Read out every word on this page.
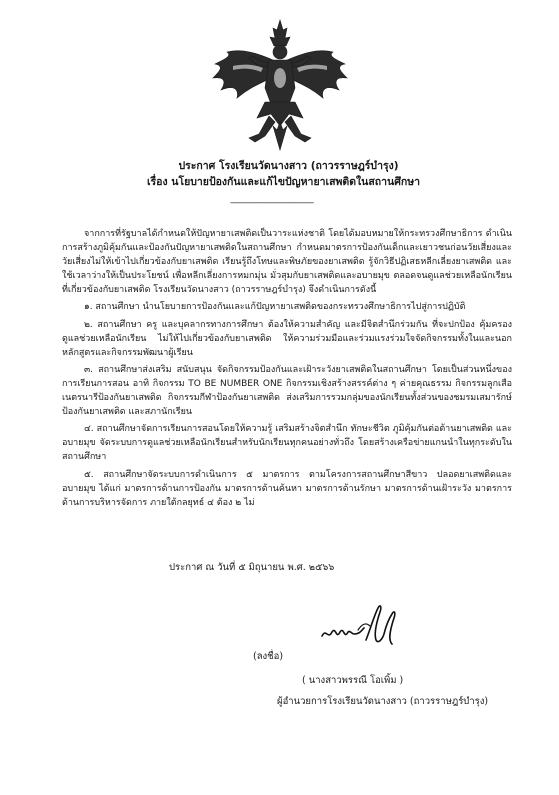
ประกาศ โรงเรียนวัดนางสาว (ถาวรราษฎร์บำรุง)
เรื่อง นโยบายป้องกันและแก้ไขปัญหายาเสพติดในสถานศึกษา
-------------------------------------

จากการที่รัฐบาลได้กำหนดให้ปัญหายาเสพติดเป็นวาระแห่งชาติ โดยได้มอบหมายให้กระทรวงศึกษาธิการ ดำเนินการสร้างภูมิคุ้มกันและป้องกันปัญหายาเสพติดในสถานศึกษา กำหนดมาตรการป้องกันเด็กและเยาวชนก่อนวัยเสี่ยงและวัยเสี่ยงไม่ให้เข้าไปเกี่ยวข้องกับยาเสพติด เรียนรู้ถึงโทษและพิษภัยของยาเสพติด รู้จักวิธีปฏิเสธหลีกเลี่ยงยาเสพติด และใช้เวลาว่างให้เป็นประโยชน์ เพื่อหลีกเลี่ยงการหมกมุ่น มั่วสุมกับยาเสพติดและอบายมุข ตลอดจนดูแลช่วยเหลือนักเรียนที่เกี่ยวข้องกับยาเสพติด โรงเรียนวัดนางสาว (ถาวรราษฎร์บำรุง) จึงดำเนินการดังนี้

๑. สถานศึกษา นำนโยบายการป้องกันและแก้ปัญหายาเสพติดของกระทรวงศึกษาธิการไปสู่การปฏิบัติ

๒. สถานศึกษา ครู และบุคลากรทางการศึกษา ต้องให้ความสำคัญ และมีจิตสำนึกร่วมกัน ที่จะปกป้อง คุ้มครอง ดูแลช่วยเหลือนักเรียน ไม่ให้ไปเกี่ยวข้องกับยาเสพติด ให้ความร่วมมือและร่วมแรงร่วมใจจัดกิจกรรมทั้งในและนอกหลักสูตรและกิจกรรมพัฒนาผู้เรียน

๓. สถานศึกษาส่งเสริม สนับสนุน จัดกิจกรรมป้องกันและเฝ้าระวังยาเสพติดในสถานศึกษา โดยเป็นส่วนหนึ่งของการเรียนการสอน อาทิ กิจกรรม TO BE NUMBER ONE กิจกรรมเชิงสร้างสรรค์ต่าง ๆ ค่ายคุณธรรม กิจกรรมลูกเสือเนตรนารีป้องกันยาเสพติด กิจกรรมกีฬาป้องกันยาเสพติด ส่งเสริมการรวมกลุ่มของนักเรียนทั้งส่วนของชมรมเสมารักษ์ป้องกันยาเสพติด และสภานักเรียน

๔. สถานศึกษาจัดการเรียนการสอนโดยให้ความรู้ เสริมสร้างจิตสำนึก ทักษะชีวิต ภูมิคุ้มกันต่อต้านยาเสพติด และอบายมุข จัดระบบการดูแลช่วยเหลือนักเรียนสำหรับนักเรียนทุกคนอย่างทั่วถึง โดยสร้างเครือข่ายแกนนำในทุกระดับในสถานศึกษา

๕. สถานศึกษาจัดระบบการดำเนินการ ๕ มาตรการ ตามโครงการสถานศึกษาสีขาว ปลอดยาเสพติดและอบายมุข ได้แก่ มาตรการด้านการป้องกัน มาตรการด้านค้นหา มาตรการด้านรักษา มาตรการด้านเฝ้าระวัง มาตรการด้านการบริหารจัดการ ภายใต้กลยุทธ์ ๔ ต้อง ๒ ไม่

ประกาศ ณ วันที่ ๕ มิถุนายน พ.ศ. ๒๕๖๖
(ลงชื่อ)
( นางสาวพรรณี โอเพิ้ม )
ผู้อำนวยการโรงเรียนวัดนางสาว (ถาวรราษฎร์บำรุง)
